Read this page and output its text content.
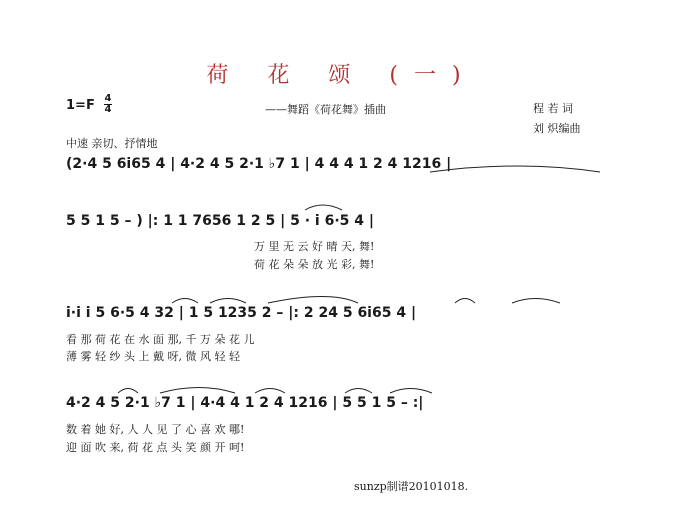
荷 花 颂 (一)
1=F 4
4	——舞蹈《荷花舞》插曲	程 若 词
刘 炽编曲
中速 亲切、抒情地
(2·4 5 6i65 4 | 4·2 4 5 2·1 ♭7 1 | 4 4 4 1 2 4 1216 |
5 5 1 5 – ) |: 1 1 7656 1 2 5 | 5 · i 6·5 4 |
万 里 无 云 好 晴 天, 舞!
荷 花 朵 朵 放 光 彩, 舞!
i·i i 5 6·5 4 32 | 1 5 1235 2 – |: 2 24 5 6i65 4 |
看 那 荷 花 在 水 面 那, 千 万 朵 花 儿
薄 雾 轻 纱 头 上 戴 呀, 微 风 轻 轻
4·2 4 5 2·1 ♭7 1 | 4·4 4 1 2 4 1216 | 5 5 1 5 – :|
数 着 她 好, 人 人 见 了 心 喜 欢 哪!
迎 面 吹 来, 荷 花 点 头 笑 颜 开 呵!
sunzp制谱20101018.
